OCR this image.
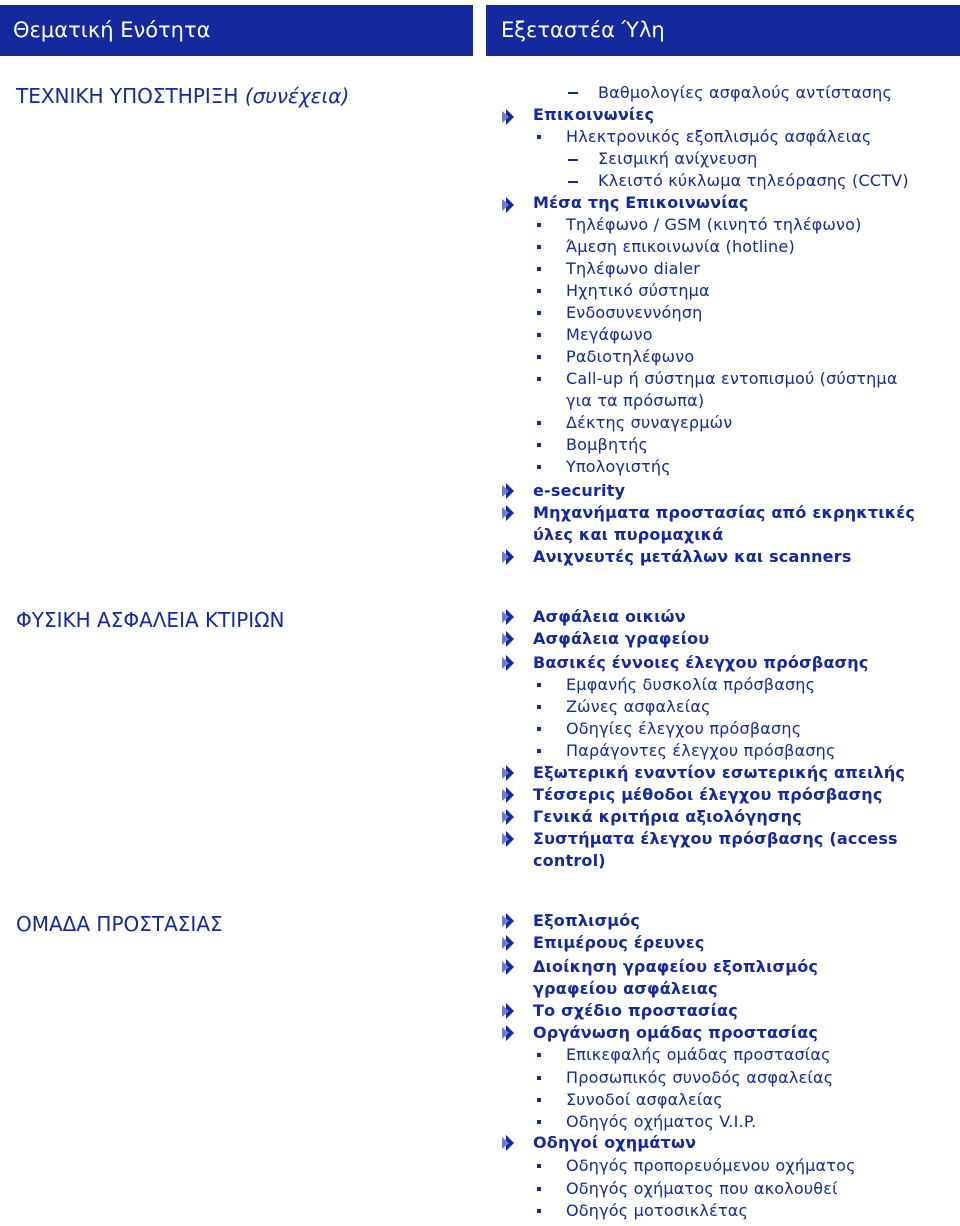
Θεματική Ενότητα	Εξεταστέα Ύλη
ΤΕΧΝΙΚΗ ΥΠΟΣΤΗΡΙΞΗ (συνέχεια)	Βαθμολογίες ασφαλούς αντίστασης
Επικοινωνίες
Ηλεκτρονικός εξοπλισμός ασφάλειας
Σεισμική ανίχνευση
Κλειστό κύκλωμα τηλεόρασης (CCTV)
Μέσα της Επικοινωνίας
Τηλέφωνο / GSM (κινητό τηλέφωνο)
Άμεση επικοινωνία (hotline)
Τηλέφωνο dialer
Ηχητικό σύστημα
Ενδοσυνεννόηση
Μεγάφωνο
Ραδιοτηλέφωνο
Call-up ή σύστημα εντοπισμού (σύστημα
για τα πρόσωπα)
Δέκτης συναγερμών
Βομβητής
Υπολογιστής
e-security
Μηχανήματα προστασίας από εκρηκτικές
ύλες και πυρομαχικά
Ανιχνευτές μετάλλων και scanners
ΦΥΣΙΚΗ ΑΣΦΑΛΕΙΑ ΚΤΙΡΙΩΝ	Ασφάλεια οικιών
Ασφάλεια γραφείου
Βασικές έννοιες έλεγχου πρόσβασης
Εμφανής δυσκολία πρόσβασης
Ζώνες ασφαλείας
Οδηγίες έλεγχου πρόσβασης
Παράγοντες έλεγχου πρόσβασης
Εξωτερική εναντίον εσωτερικής απειλής
Τέσσερις μέθοδοι έλεγχου πρόσβασης
Γενικά κριτήρια αξιολόγησης
Συστήματα έλεγχου πρόσβασης (access
control)
ΟΜΑΔΑ ΠΡΟΣΤΑΣΙΑΣ	Εξοπλισμός
Επιμέρους έρευνες
Διοίκηση γραφείου εξοπλισμός
γραφείου ασφάλειας
Το σχέδιο προστασίας
Οργάνωση ομάδας προστασίας
Επικεφαλής ομάδας προστασίας
Προσωπικός συνοδός ασφαλείας
Συνοδοί ασφαλείας
Οδηγός οχήματος V.I.P.
Οδηγοί οχημάτων
Οδηγός προπορευόμενου οχήματος
Οδηγός οχήματος που ακολουθεί
Οδηγός μοτοσικλέτας
